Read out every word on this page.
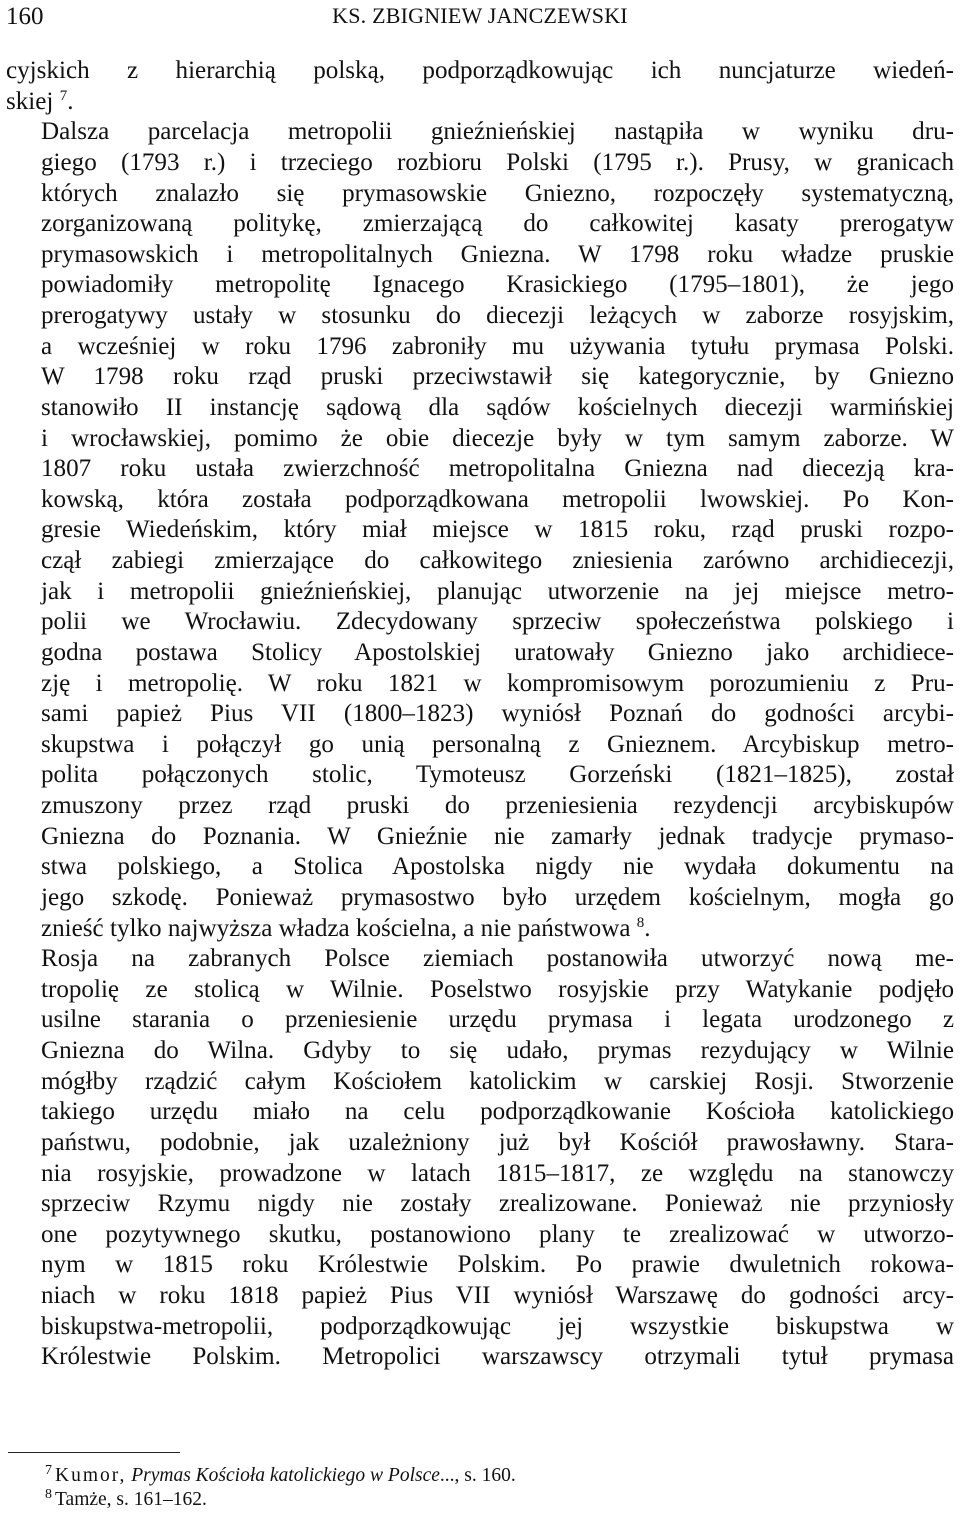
160	KS. ZBIGNIEW JANCZEWSKI

cyjskich z hierarchią polską, podporządkowując ich nuncjaturze wiedeń-
skiej $^7$.

Dalsza parcelacja metropolii gnieźnieńskiej nastąpiła w wyniku dru-
giego (1793 r.) i trzeciego rozbioru Polski (1795 r.). Prusy, w granicach
których znalazło się prymasowskie Gniezno, rozpoczęły systematyczną,
zorganizowaną politykę, zmierzającą do całkowitej kasaty prerogatyw
prymasowskich i metropolitalnych Gniezna. W 1798 roku władze pruskie
powiadomiły metropolitę Ignacego Krasickiego (1795–1801), że jego
prerogatywy ustały w stosunku do diecezji leżących w zaborze rosyjskim,
a wcześniej w roku 1796 zabroniły mu używania tytułu prymasa Polski.
W 1798 roku rząd pruski przeciwstawił się kategorycznie, by Gniezno
stanowiło II instancję sądową dla sądów kościelnych diecezji warmińskiej
i wrocławskiej, pomimo że obie diecezje były w tym samym zaborze. W
1807 roku ustała zwierzchność metropolitalna Gniezna nad diecezją kra-
kowską, która została podporządkowana metropolii lwowskiej. Po Kon-
gresie Wiedeńskim, który miał miejsce w 1815 roku, rząd pruski rozpo-
czął zabiegi zmierzające do całkowitego zniesienia zarówno archidiecezji,
jak i metropolii gnieźnieńskiej, planując utworzenie na jej miejsce metro-
polii we Wrocławiu. Zdecydowany sprzeciw społeczeństwa polskiego i
godna postawa Stolicy Apostolskiej uratowały Gniezno jako archidiece-
zję i metropolię. W roku 1821 w kompromisowym porozumieniu z Pru-
sami papież Pius VII (1800–1823) wyniósł Poznań do godności arcybi-
skupstwa i połączył go unią personalną z Gnieznem. Arcybiskup metro-
polita połączonych stolic, Tymoteusz Gorzeński (1821–1825), został
zmuszony przez rząd pruski do przeniesienia rezydencji arcybiskupów
Gniezna do Poznania. W Gnieźnie nie zamarły jednak tradycje prymaso-
stwa polskiego, a Stolica Apostolska nigdy nie wydała dokumentu na
jego szkodę. Ponieważ prymasostwo było urzędem kościelnym, mogła go
znieść tylko najwyższa władza kościelna, a nie państwowa $^8$.

Rosja na zabranych Polsce ziemiach postanowiła utworzyć nową me-
tropolię ze stolicą w Wilnie. Poselstwo rosyjskie przy Watykanie podjęło
usilne starania o przeniesienie urzędu prymasa i legata urodzonego z
Gniezna do Wilna. Gdyby to się udało, prymas rezydujący w Wilnie
mógłby rządzić całym Kościołem katolickim w carskiej Rosji. Stworzenie
takiego urzędu miało na celu podporządkowanie Kościoła katolickiego
państwu, podobnie, jak uzależniony już był Kościół prawosławny. Stara-
nia rosyjskie, prowadzone w latach 1815–1817, ze względu na stanowczy
sprzeciw Rzymu nigdy nie zostały zrealizowane. Ponieważ nie przyniosły
one pozytywnego skutku, postanowiono plany te zrealizować w utworzo-
nym w 1815 roku Królestwie Polskim. Po prawie dwuletnich rokowa-
niach w roku 1818 papież Pius VII wyniósł Warszawę do godności arcy-
biskupstwa-metropolii, podporządkowując jej wszystkie biskupstwa w
Królestwie Polskim. Metropolici warszawscy otrzymali tytuł prymasa

$^7$ Kumor, Prymas Kościoła katolickiego w Polsce..., s. 160.
$^8$ Tamże, s. 161–162.
